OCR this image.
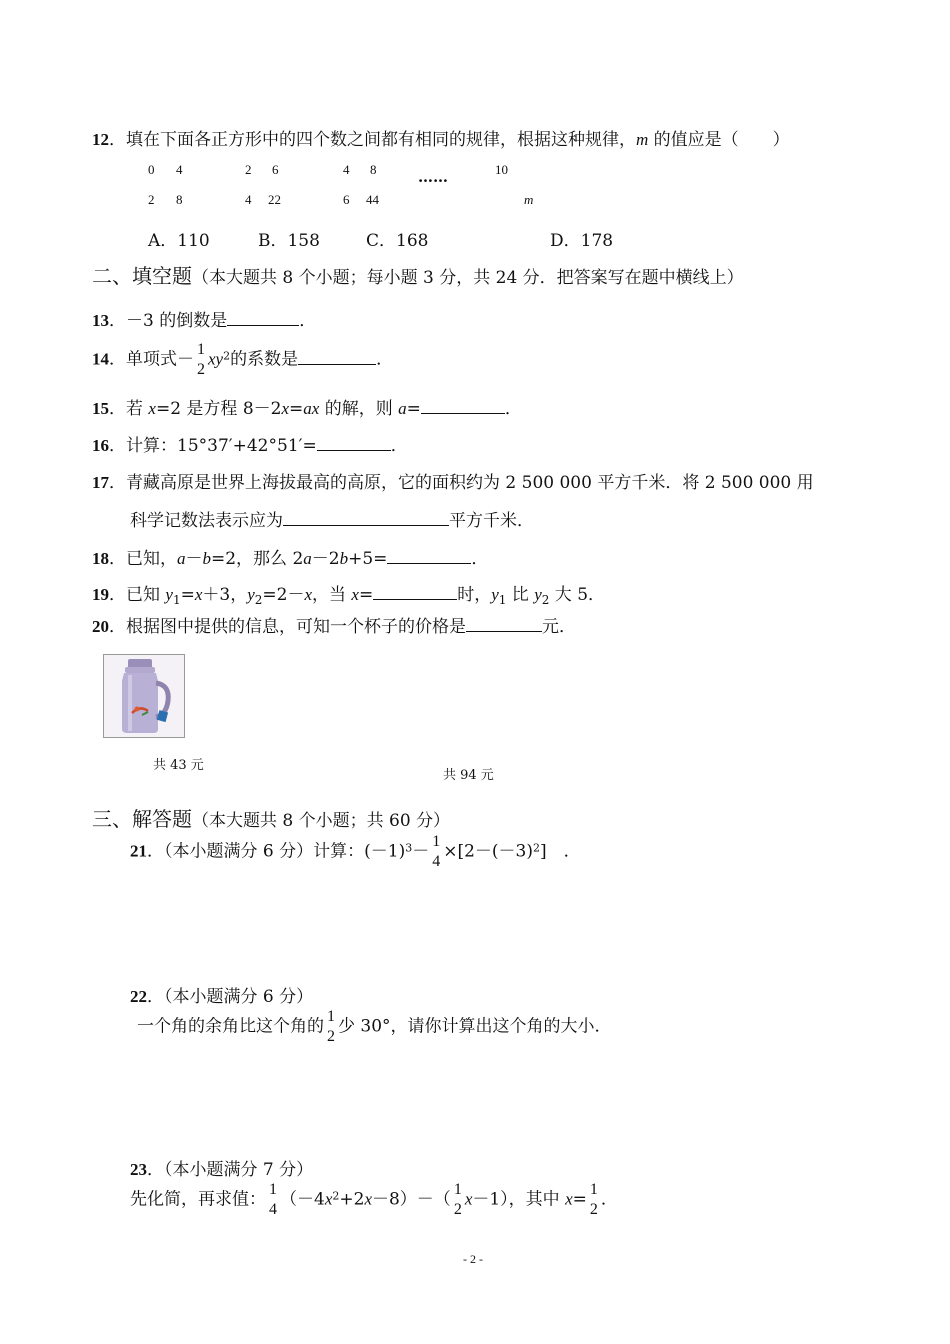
12．填在下面各正方形中的四个数之间都有相同的规律，根据这种规律，m 的值应是（　　）
0 4
2 8
2 6
4 22
4 8
6 44
……	10
m
A．110	B．158	C．168	D．178
二、填空题（本大题共 8 个小题；每小题 3 分，共 24 分．把答案写在题中横线上）
13．－3 的倒数是	．
14．单项式－ 1
2
$xy^2$的系数是	．
15．若 x=2 是方程 8－2x=ax 的解，则 a=	．
16．计算：15°37′+42°51′=	．
17．青藏高原是世界上海拔最高的高原，它的面积约为 2 500 000 平方千米．将 2 500 000 用
科学记数法表示应为	平方千米．
18．已知，a－b=2，那么 2a－2b+5=	．
19．已知 $y_1=x+3$，$y_2=2-x$，当 x=	时，$y_1$ 比 $y_2$ 大 5．
20．根据图中提供的信息，可知一个杯子的价格是	元．
共 43 元
共 94 元
三、解答题（本大题共 8 个小题；共 60 分）
21．（本小题满分 6 分）计算：$(-1)^3- 1$
$4 \times[2-(-3)^2]$　．
22．（本小题满分 6 分）
一个角的余角比这个角的 1
2 少 30°，请你计算出这个角的大小．
23．（本小题满分 7 分）
先化简，再求值： 1
4 $(-4x^2+2x-8)-$（ 1
2
x－1），其中 x= 1
2 ．
- 2 -
